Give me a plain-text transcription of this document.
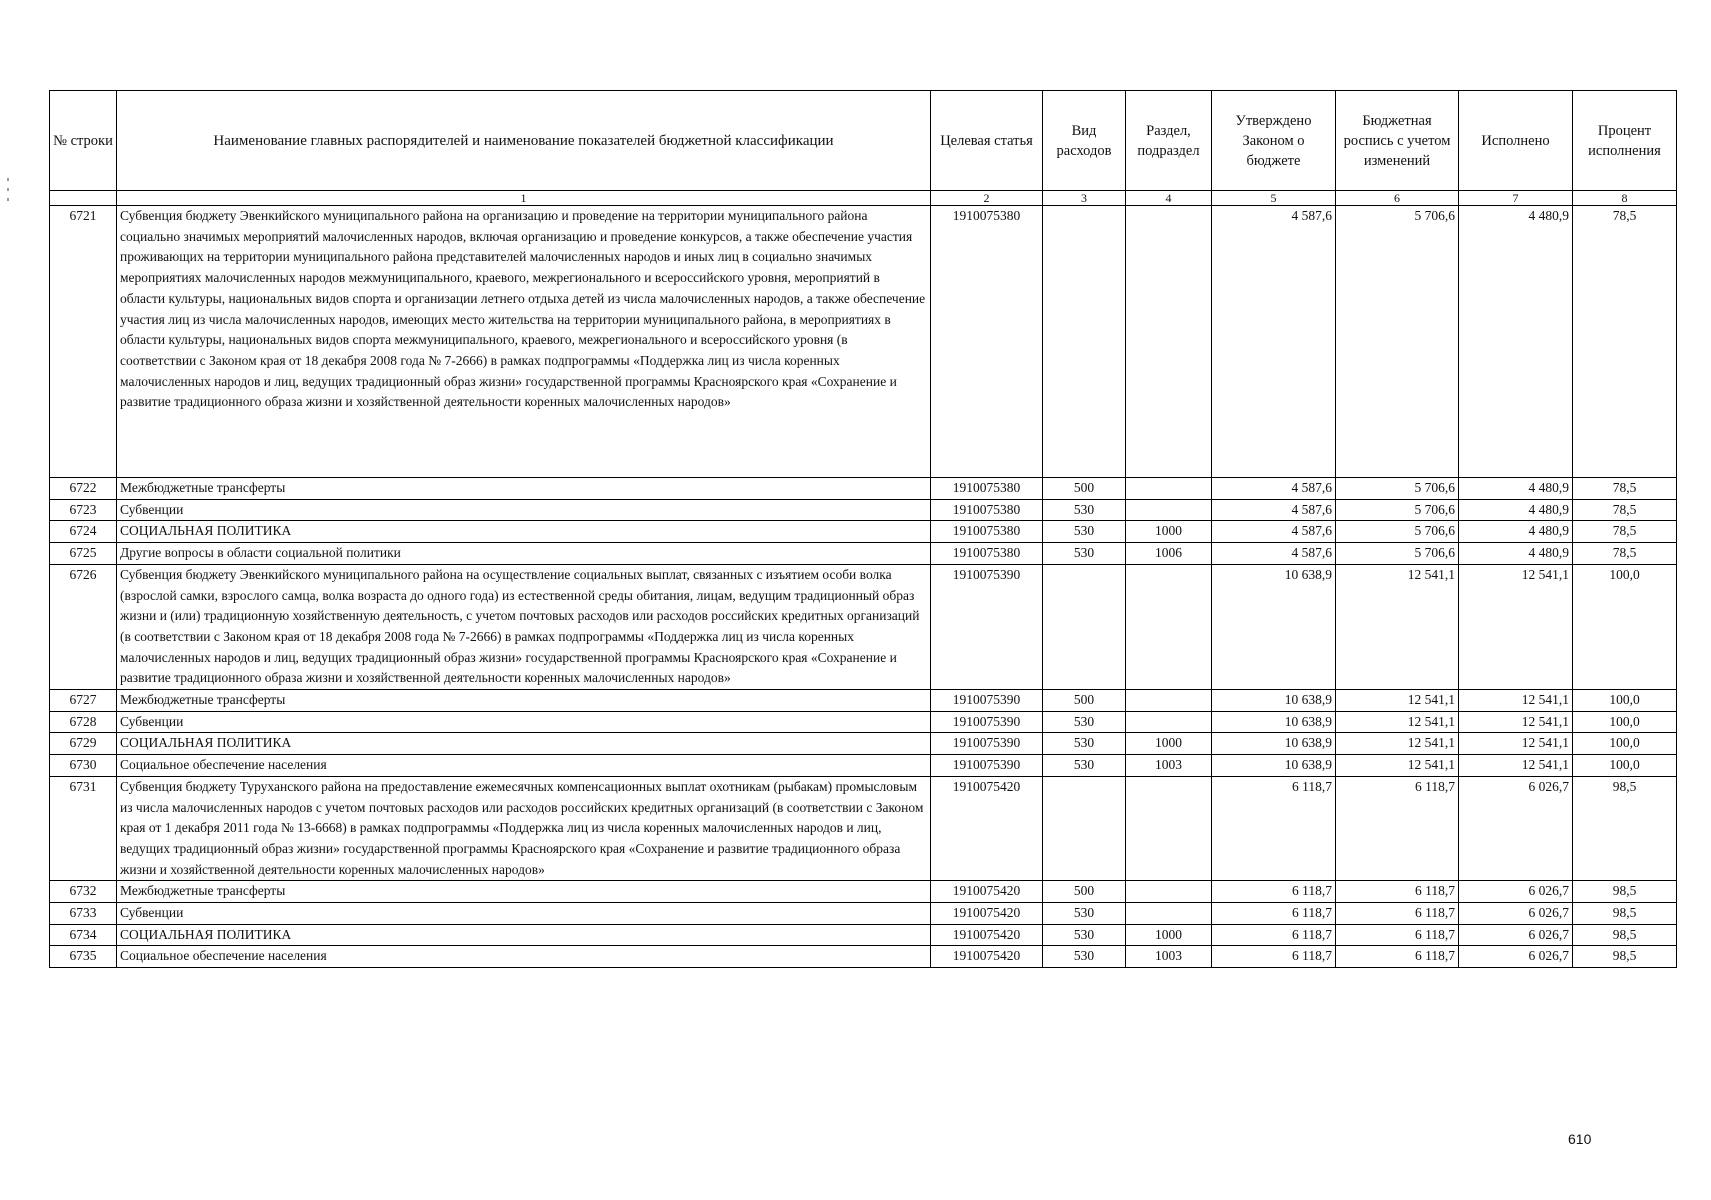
№ строки	Наименование главных распорядителей и наименование показателей бюджетной классификации	Целевая статья	Вид расходов	Раздел, подраздел	Утверждено Законом о бюджете	Бюджетная роспись с учетом изменений	Исполнено	Процент исполнения
	1	2	3	4	5	6	7	8
6721	Субвенция бюджету Эвенкийского муниципального района на организацию и проведение на территории муниципального района социально значимых мероприятий малочисленных народов, включая организацию и проведение конкурсов, а также обеспечение участия проживающих на территории муниципального района представителей малочисленных народов и иных лиц в социально значимых мероприятиях малочисленных народов межмуниципального, краевого, межрегионального и всероссийского уровня, мероприятий в области культуры, национальных видов спорта и организации летнего отдыха детей из числа малочисленных народов, а также обеспечение участия лиц из числа малочисленных народов, имеющих место жительства на территории муниципального района, в мероприятиях в области культуры, национальных видов спорта межмуниципального, краевого, межрегионального и всероссийского уровня (в соответствии с Законом края от 18 декабря 2008 года № 7-2666) в рамках подпрограммы «Поддержка лиц из числа коренных малочисленных народов и лиц, ведущих традиционный образ жизни» государственной программы Красноярского края «Сохранение и развитие традиционного образа жизни и хозяйственной деятельности коренных малочисленных народов»	1910075380			4 587,6	5 706,6	4 480,9	78,5
6722	Межбюджетные трансферты	1910075380	500		4 587,6	5 706,6	4 480,9	78,5
6723	Субвенции	1910075380	530		4 587,6	5 706,6	4 480,9	78,5
6724	СОЦИАЛЬНАЯ ПОЛИТИКА	1910075380	530	1000	4 587,6	5 706,6	4 480,9	78,5
6725	Другие вопросы в области социальной политики	1910075380	530	1006	4 587,6	5 706,6	4 480,9	78,5
6726	Субвенция бюджету Эвенкийского муниципального района на осуществление социальных выплат, связанных с изъятием особи волка (взрослой самки, взрослого самца, волка возраста до одного года) из естественной среды обитания, лицам, ведущим традиционный образ жизни и (или) традиционную хозяйственную деятельность, с учетом почтовых расходов или расходов российских кредитных организаций (в соответствии с Законом края от 18 декабря 2008 года № 7-2666) в рамках подпрограммы «Поддержка лиц из числа коренных малочисленных народов и лиц, ведущих традиционный образ жизни» государственной программы Красноярского края «Сохранение и развитие традиционного образа жизни и хозяйственной деятельности коренных малочисленных народов»	1910075390			10 638,9	12 541,1	12 541,1	100,0
6727	Межбюджетные трансферты	1910075390	500		10 638,9	12 541,1	12 541,1	100,0
6728	Субвенции	1910075390	530		10 638,9	12 541,1	12 541,1	100,0
6729	СОЦИАЛЬНАЯ ПОЛИТИКА	1910075390	530	1000	10 638,9	12 541,1	12 541,1	100,0
6730	Социальное обеспечение населения	1910075390	530	1003	10 638,9	12 541,1	12 541,1	100,0
6731	Субвенция бюджету Туруханского района на предоставление ежемесячных компенсационных выплат охотникам (рыбакам) промысловым из числа малочисленных народов с учетом почтовых расходов или расходов российских кредитных организаций (в соответствии с Законом края от 1 декабря 2011 года № 13-6668) в рамках подпрограммы «Поддержка лиц из числа коренных малочисленных народов и лиц, ведущих традиционный образ жизни» государственной программы Красноярского края «Сохранение и развитие традиционного образа жизни и хозяйственной деятельности коренных малочисленных народов»	1910075420			6 118,7	6 118,7	6 026,7	98,5
6732	Межбюджетные трансферты	1910075420	500		6 118,7	6 118,7	6 026,7	98,5
6733	Субвенции	1910075420	530		6 118,7	6 118,7	6 026,7	98,5
6734	СОЦИАЛЬНАЯ ПОЛИТИКА	1910075420	530	1000	6 118,7	6 118,7	6 026,7	98,5
6735	Социальное обеспечение населения	1910075420	530	1003	6 118,7	6 118,7	6 026,7	98,5
610
